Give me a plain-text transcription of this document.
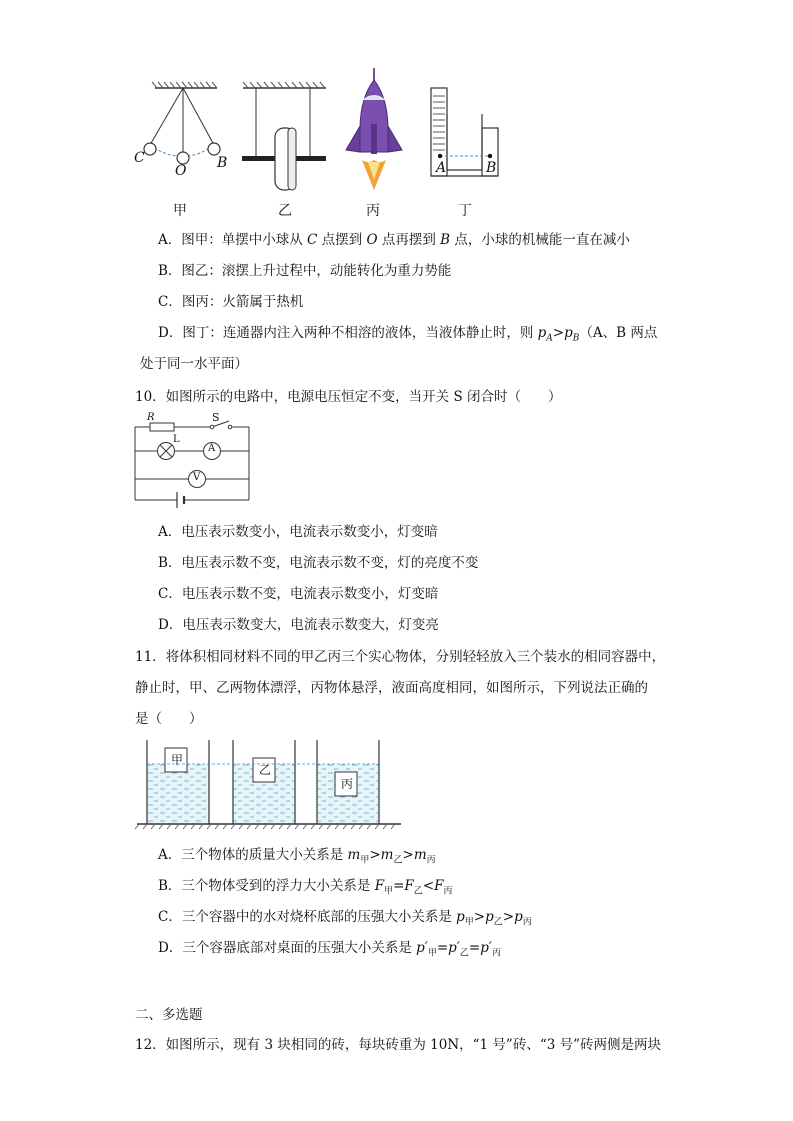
C
O B	A	B
甲	乙	丙	丁
A．图甲：单摆中小球从 C 点摆到 O 点再摆到 B 点，小球的机械能一直在减小
B．图乙：滚摆上升过程中，动能转化为重力势能
C．图丙：火箭属于热机
D．图丁：连通器内注入两种不相溶的液体，当液体静止时，则 $p_A>p_B(A$、B 两点
处于同一水平面）
10．如图所示的电路中，电源电压恒定不变，当开关 S 闭合时（　　）
R	S
L
A
V
A．电压表示数变小，电流表示数变小，灯变暗
B．电压表示数不变，电流表示数不变，灯的亮度不变
C．电压表示数不变，电流表示数变小，灯变暗
D．电压表示数变大，电流表示数变大，灯变亮
11．将体积相同材料不同的甲乙丙三个实心物体，分别轻轻放入三个装水的相同容器中，
静止时，甲、乙两物体漂浮，丙物体悬浮，液面高度相同，如图所示，下列说法正确的
是（　　）
甲
乙
丙
A．三个物体的质量大小关系是 $m_甲>m_乙>m_丙$
B．三个物体受到的浮力大小关系是 $F_甲=F_乙<F_丙$
C．三个容器中的水对烧杯底部的压强大小关系是 $p_甲>p_乙>p_丙$
D．三个容器底部对桌面的压强大小关系是 $p'_甲=p'_乙=p'_丙$
二、多选题
12．如图所示，现有 3 块相同的砖，每块砖重为 10N，“1 号”砖、“3 号”砖两侧是两块
